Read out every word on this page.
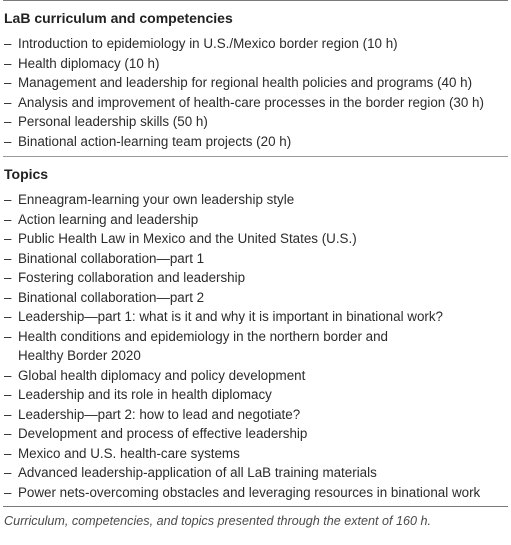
LaB curriculum and competencies
– Introduction to epidemiology in U.S./Mexico border region (10 h)
– Health diplomacy (10 h)
– Management and leadership for regional health policies and programs (40 h)
– Analysis and improvement of health-care processes in the border region (30 h)
– Personal leadership skills (50 h)
– Binational action-learning team projects (20 h)
Topics
– Enneagram-learning your own leadership style
– Action learning and leadership
– Public Health Law in Mexico and the United States (U.S.)
– Binational collaboration—part 1
– Fostering collaboration and leadership
– Binational collaboration—part 2
– Leadership—part 1: what is it and why it is important in binational work?
– Health conditions and epidemiology in the northern border and
Healthy Border 2020
– Global health diplomacy and policy development
– Leadership and its role in health diplomacy
– Leadership—part 2: how to lead and negotiate?
– Development and process of effective leadership
– Mexico and U.S. health-care systems
– Advanced leadership-application of all LaB training materials
– Power nets-overcoming obstacles and leveraging resources in binational work
Curriculum, competencies, and topics presented through the extent of 160 h.
